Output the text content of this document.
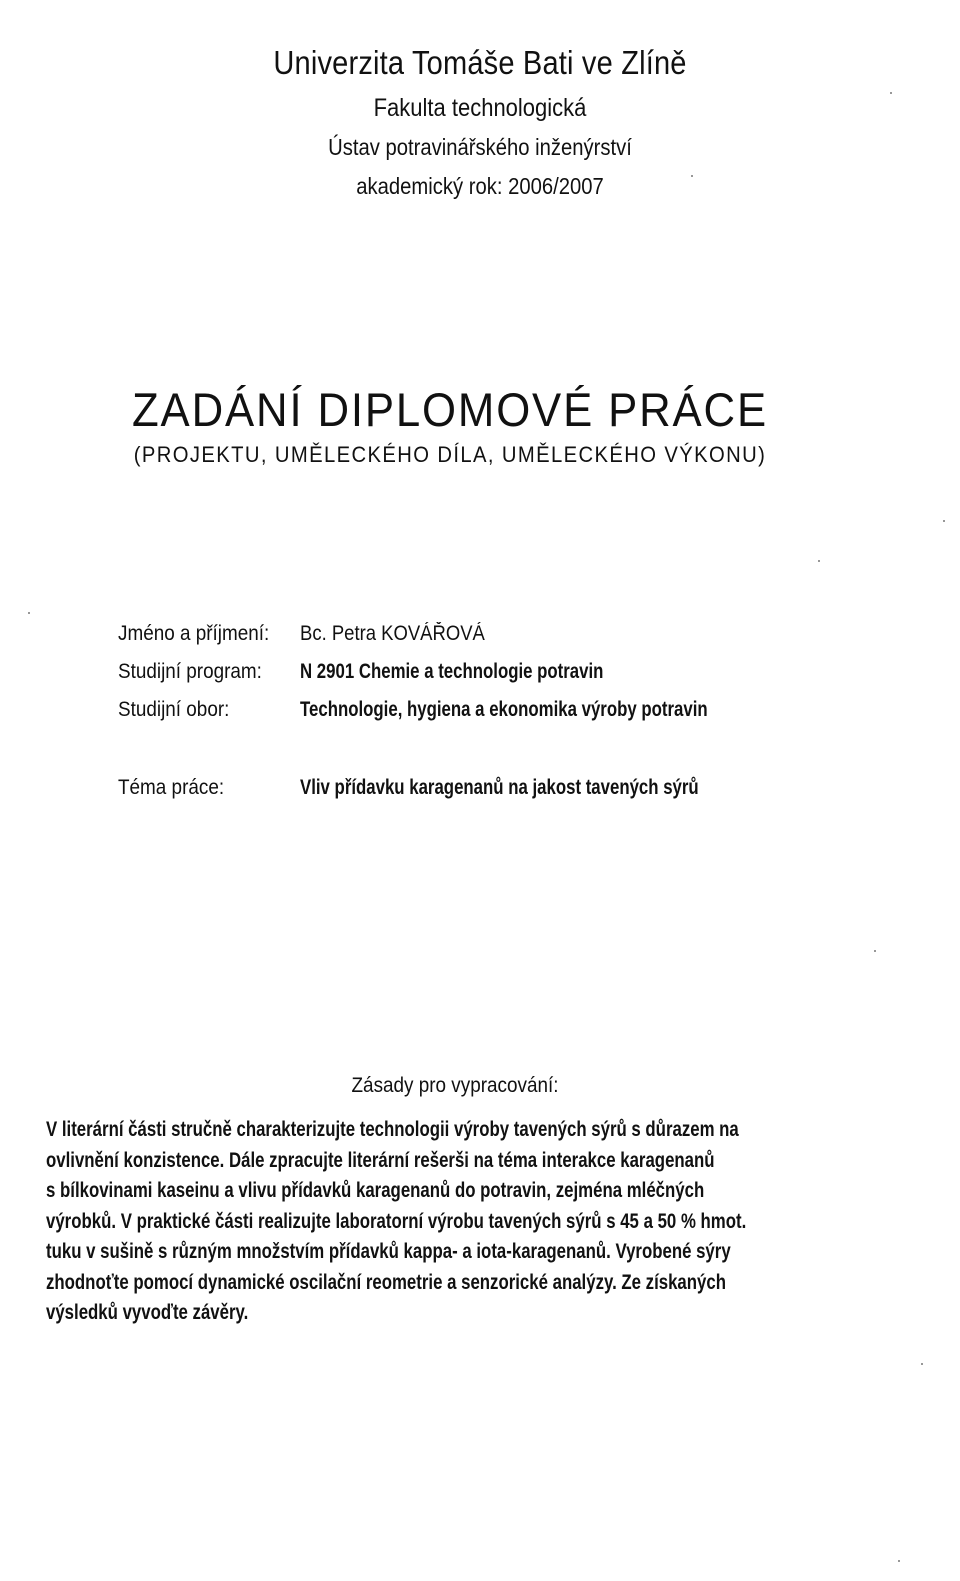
Univerzita Tomáše Bati ve Zlíně
Fakulta technologická
Ústav potravinářského inženýrství
akademický rok: 2006/2007
ZADÁNÍ DIPLOMOVÉ PRÁCE
(PROJEKTU, UMĚLECKÉHO DÍLA, UMĚLECKÉHO VÝKONU)
Jméno a příjmení: Bc. Petra KOVÁŘOVÁ
Studijní program: N 2901 Chemie a technologie potravin
Studijní obor:	Technologie, hygiena a ekonomika výroby potravin
Téma práce:	Vliv přídavku karagenanů na jakost tavených sýrů
Zásady pro vypracování:
V literární části stručně charakterizujte technologii výroby tavených sýrů s důrazem na
ovlivnění konzistence. Dále zpracujte literární rešerši na téma interakce karagenanů
s bílkovinami kaseinu a vlivu přídavků karagenanů do potravin, zejména mléčných
výrobků. V praktické části realizujte laboratorní výrobu tavených sýrů s 45 a 50 % hmot.
tuku v sušině s různým množstvím přídavků kappa- a iota-karagenanů. Vyrobené sýry
zhodnoťte pomocí dynamické oscilační reometrie a senzorické analýzy. Ze získaných
výsledků vyvoďte závěry.
